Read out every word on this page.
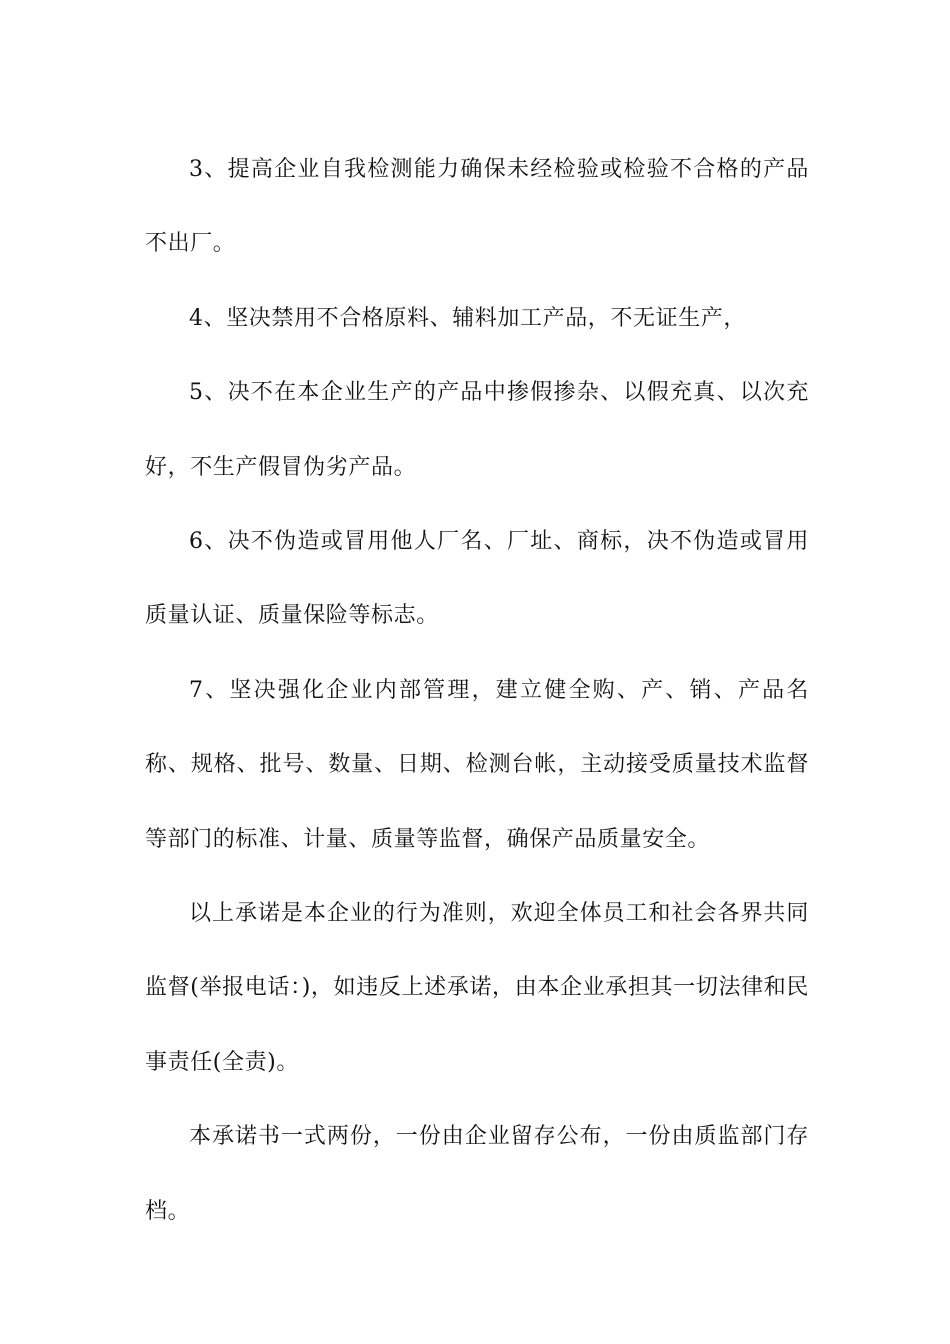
3、提高企业自我检测能力确保未经检验或检验不合格的产品不出厂。

4、坚决禁用不合格原料、辅料加工产品，不无证生产，

5、决不在本企业生产的产品中掺假掺杂、以假充真、以次充好，不生产假冒伪劣产品。

6、决不伪造或冒用他人厂名、厂址、商标，决不伪造或冒用质量认证、质量保险等标志。

7、坚决强化企业内部管理，建立健全购、产、销、产品名称、规格、批号、数量、日期、检测台帐，主动接受质量技术监督等部门的标准、计量、质量等监督，确保产品质量安全。

以上承诺是本企业的行为准则，欢迎全体员工和社会各界共同监督(举报电话：)，如违反上述承诺，由本企业承担其一切法律和民事责任(全责)。

本承诺书一式两份，一份由企业留存公布，一份由质监部门存档。
